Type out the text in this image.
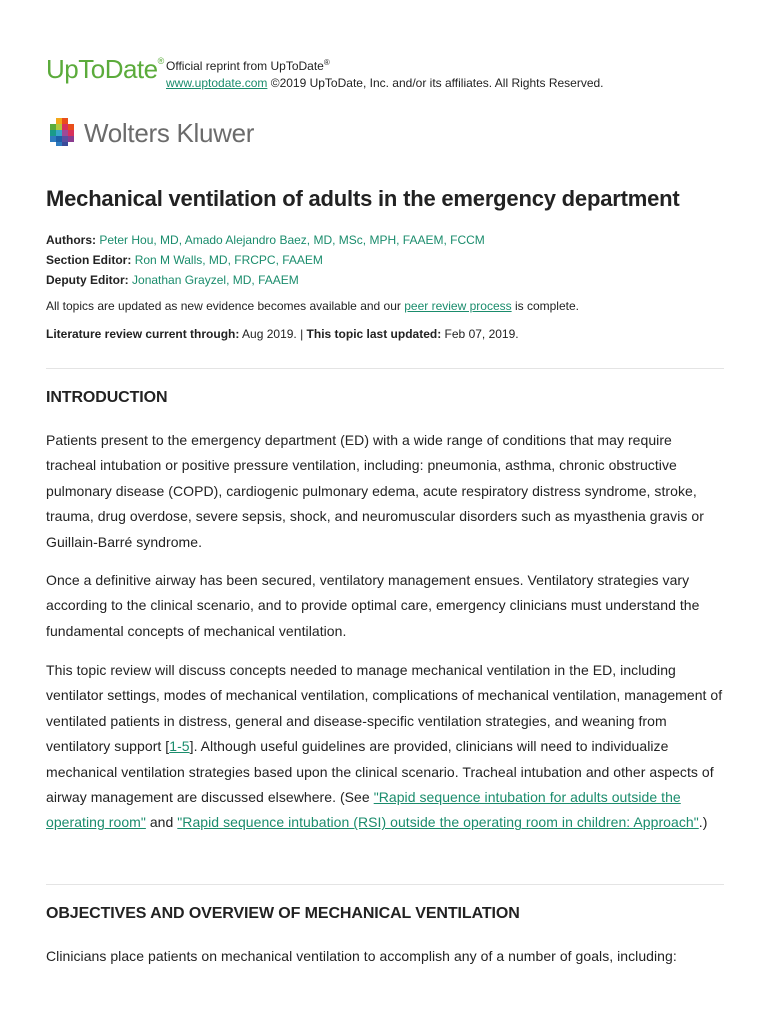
UpToDate® Official reprint from UpToDate®
www.uptodate.com ©2019 UpToDate, Inc. and/or its affiliates. All Rights Reserved.
Wolters Kluwer
Mechanical ventilation of adults in the emergency department
Authors: Peter Hou, MD, Amado Alejandro Baez, MD, MSc, MPH, FAAEM, FCCM
Section Editor: Ron M Walls, MD, FRCPC, FAAEM
Deputy Editor: Jonathan Grayzel, MD, FAAEM
All topics are updated as new evidence becomes available and our peer review process is complete.
Literature review current through: Aug 2019. | This topic last updated: Feb 07, 2019.
INTRODUCTION

Patients present to the emergency department (ED) with a wide range of conditions that may require tracheal intubation or positive pressure ventilation, including: pneumonia, asthma, chronic obstructive pulmonary disease (COPD), cardiogenic pulmonary edema, acute respiratory distress syndrome, stroke, trauma, drug overdose, severe sepsis, shock, and neuromuscular disorders such as myasthenia gravis or Guillain-Barré syndrome.

Once a definitive airway has been secured, ventilatory management ensues. Ventilatory strategies vary according to the clinical scenario, and to provide optimal care, emergency clinicians must understand the fundamental concepts of mechanical ventilation.

This topic review will discuss concepts needed to manage mechanical ventilation in the ED, including ventilator settings, modes of mechanical ventilation, complications of mechanical ventilation, management of ventilated patients in distress, general and disease-specific ventilation strategies, and weaning from ventilatory support [1-5]. Although useful guidelines are provided, clinicians will need to individualize mechanical ventilation strategies based upon the clinical scenario. Tracheal intubation and other aspects of airway management are discussed elsewhere. (See "Rapid sequence intubation for adults outside the operating room" and "Rapid sequence intubation (RSI) outside the operating room in children: Approach".)

OBJECTIVES AND OVERVIEW OF MECHANICAL VENTILATION

Clinicians place patients on mechanical ventilation to accomplish any of a number of goals, including:
